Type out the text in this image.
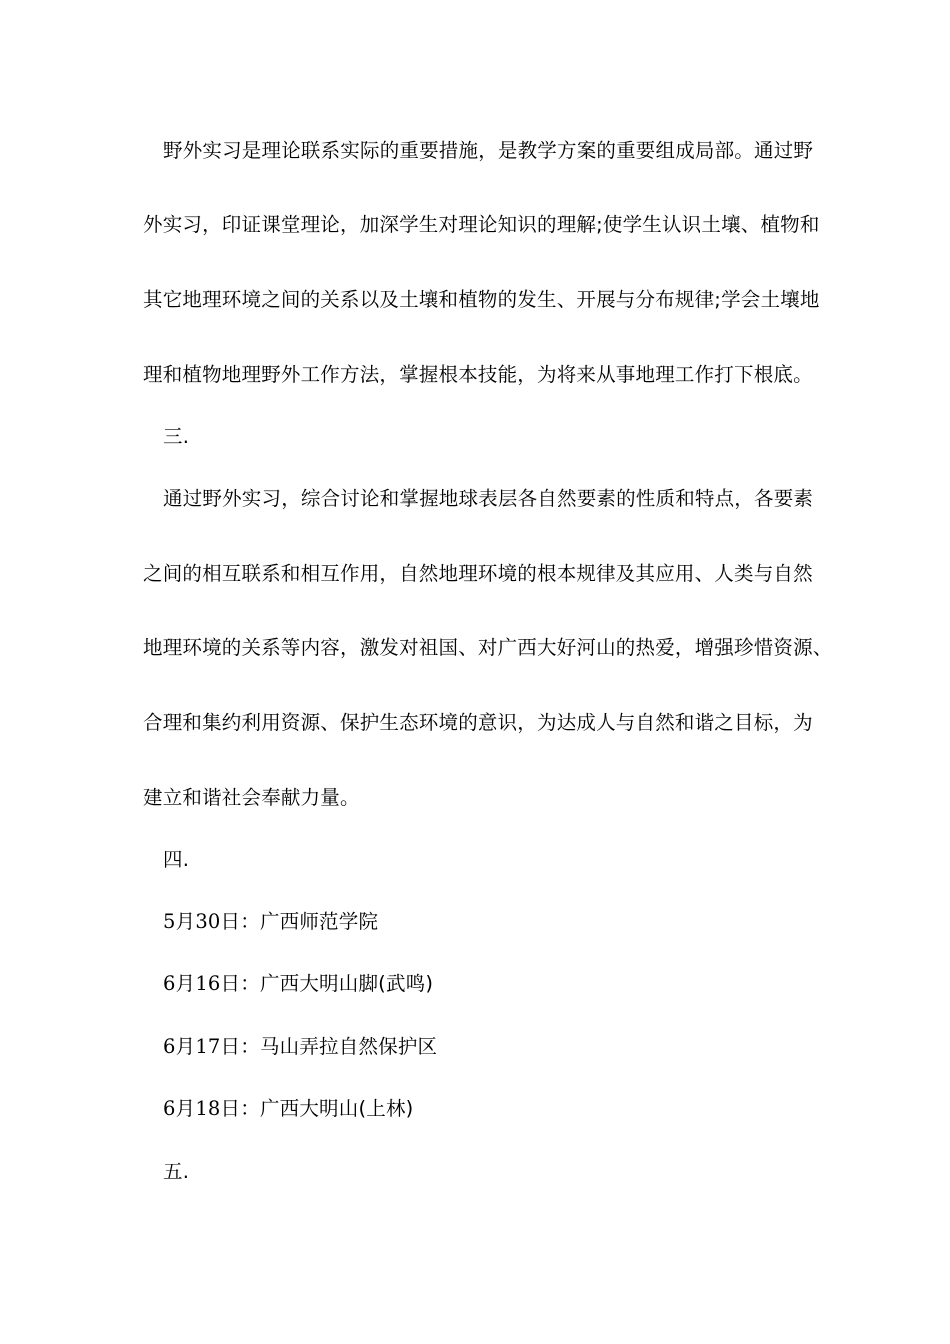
野外实习是理论联系实际的重要措施，是教学方案的重要组成局部。通过野
外实习，印证课堂理论，加深学生对理论知识的理解;使学生认识土壤、植物和
其它地理环境之间的关系以及土壤和植物的发生、开展与分布规律;学会土壤地
理和植物地理野外工作方法，掌握根本技能，为将来从事地理工作打下根底。
三.
通过野外实习，综合讨论和掌握地球表层各自然要素的性质和特点，各要素
之间的相互联系和相互作用，自然地理环境的根本规律及其应用、人类与自然
地理环境的关系等内容，激发对祖国、对广西大好河山的热爱，增强珍惜资源、
合理和集约利用资源、保护生态环境的意识，为达成人与自然和谐之目标，为
建立和谐社会奉献力量。
四.
5月30日：广西师范学院
6月16日：广西大明山脚(武鸣)
6月17日：马山弄拉自然保护区
6月18日：广西大明山(上林)
五.
